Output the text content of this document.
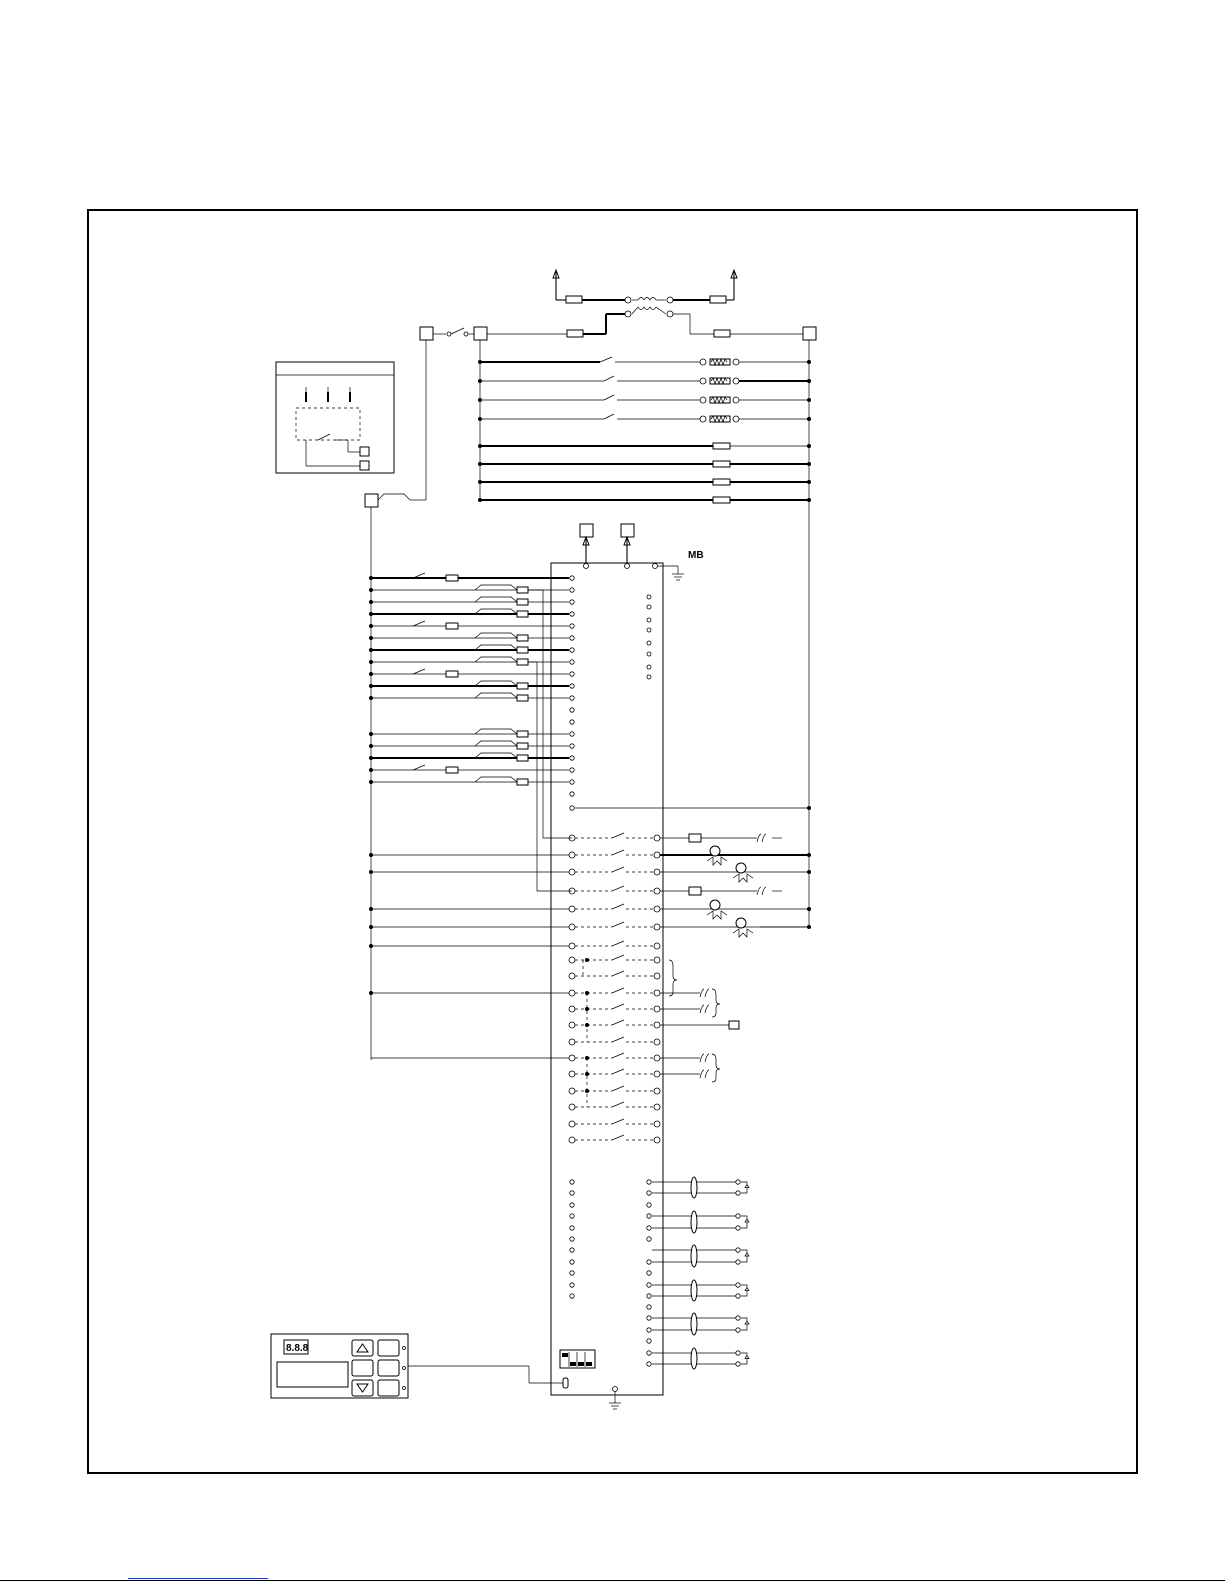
MB
8.8.8
